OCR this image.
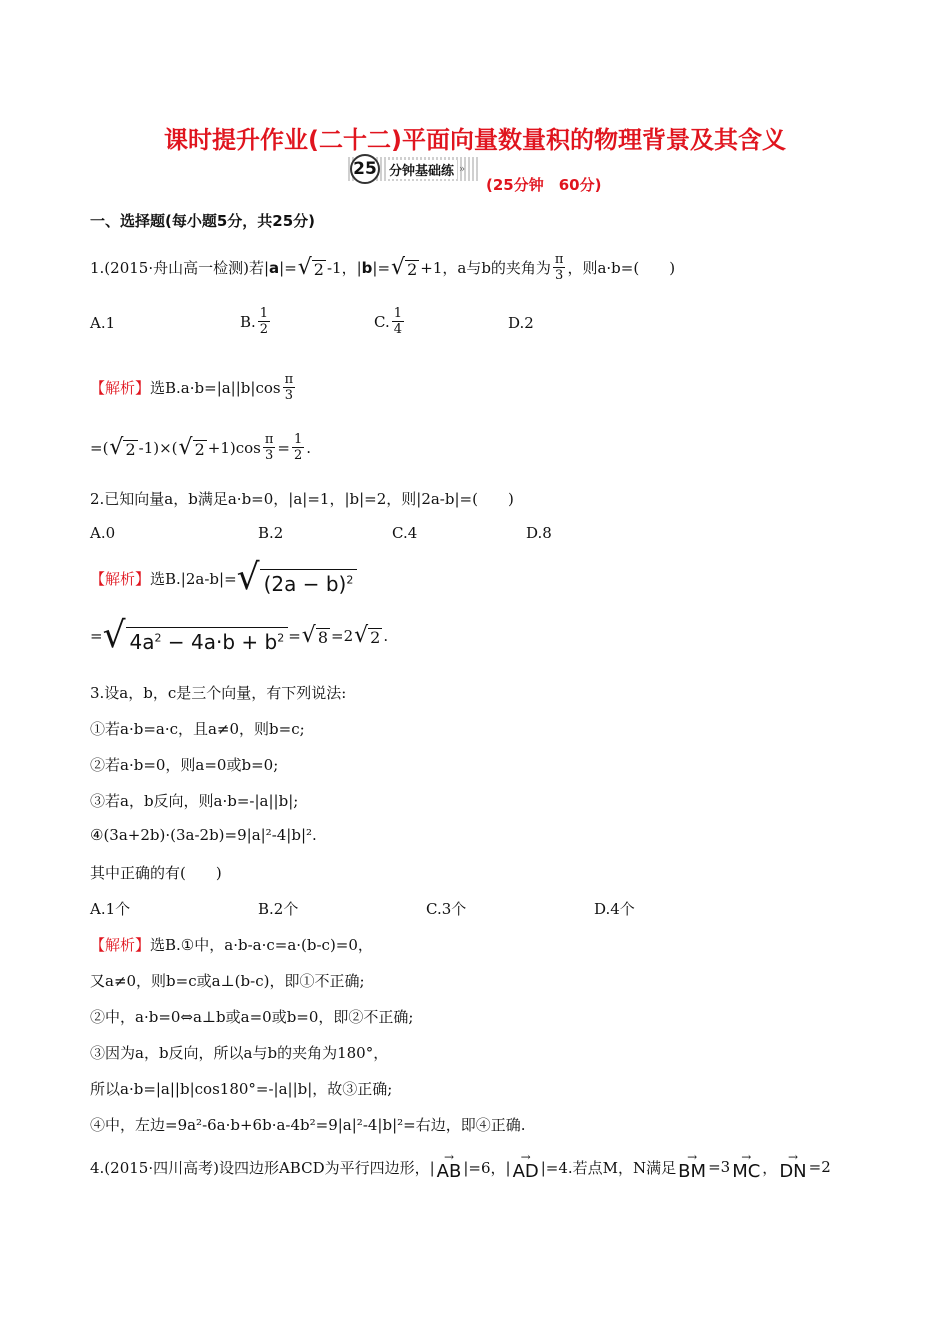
课时提升作业(二十二)平面向量数量积的物理背景及其含义
25 分钟基础练 »
(25分钟　60分)
一、选择题(每小题5分，共25分)
1.(2015·舟山高一检测)若| a |= √ 2 -1，| b |= √ 2 +1， a与b的夹角为 $\frac{\pi}{3}$ ，则a·b=(　　)
A.1	B. $\frac{1}{2}$	C. $\frac{1}{4}$	D.2
【解析】 选$B.a\cdot b=|a||b|\cos \frac{\pi}{3}$
=( √ 2 -1)×( √ $2 +1)\cos \frac{\pi}{3} = \frac{1}{2}$ .
2.已知向量a，b满足a·b=0，|a|=1，|b|=2，则|2a-b|=(　　)
A.0	B.2	C.4	D.8
【解析】 选B.|2a-b|= √ $(2a - b)^2$
= √ $4a^2 - 4a\cdot b + b^2$ = √ 8 =2 √ 2 .
3.设a，b，c是三个向量，有下列说法:
①若a·b=a·c，且a≠0，则b=c;
②若a·b=0，则a=0或b=0;
③若a，b反向，则a·b=-|a||b|;
④(3a+2b)·(3a-2b)=9|a|²-4|b|².
其中正确的有(　　)
A.1个	B.2个	C.3个	D.4个
【解析】 选B.①中，a·b-a·c=a·(b-c)=0，
又a≠0，则b=c或a⊥(b-c)，即①不正确;
②中，a·b=0⇔a⊥b或a=0或b=0，即②不正确;
③因为a，b反向，所以a与b的夹角为180°，
所以a·b=|a||b|cos180°=-|a||b|，故③正确;
④中，左边=9a²-6a·b+6b·a-4b²=9|a|²-4|b|²=右边，即④正确.
4.(2015·四川高考)设四边形ABCD为平行四边形，|
→
AB |=6，|
→
AD |=4.若点M，N满足
→
BM =3
→
MC ，
→
DN =2
